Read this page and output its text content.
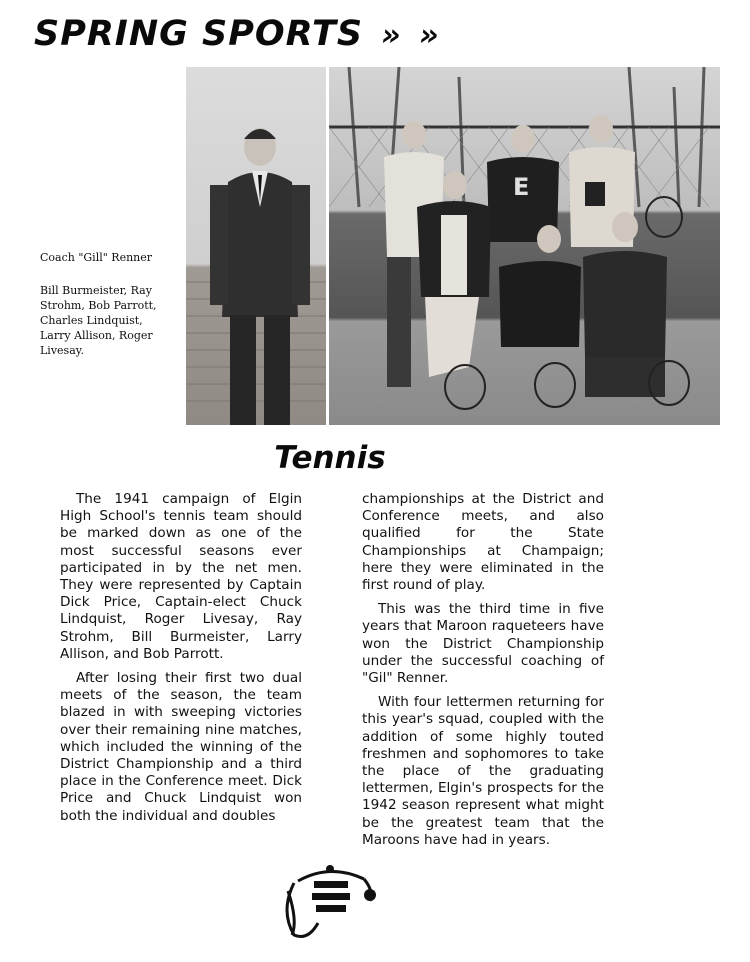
SPRING SPORTS » »
E
Coach "Gill" Renner
Bill Burmeister, Ray Strohm, Bob Parrott, Charles Lindquist, Larry Allison, Roger Livesay.
Tennis

The 1941 campaign of Elgin High School's tennis team should be marked down as one of the most successful seasons ever participated in by the net men. They were represented by Captain Dick Price, Captain-elect Chuck Lindquist, Roger Livesay, Ray Strohm, Bill Burmeister, Larry Allison, and Bob Parrott.

After losing their first two dual meets of the season, the team blazed in with sweeping victories over their remaining nine matches, which included the winning of the District Championship and a third place in the Conference meet. Dick Price and Chuck Lindquist won both the individual and doubles

championships at the District and Conference meets, and also qualified for the State Championships at Champaign; here they were eliminated in the first round of play.

This was the third time in five years that Maroon raqueteers have won the District Championship under the successful coaching of "Gil" Renner.

With four lettermen returning for this year's squad, coupled with the addition of some highly touted freshmen and sophomores to take the place of the graduating lettermen, Elgin's prospects for the 1942 season represent what might be the greatest team that the Maroons have had in years.
